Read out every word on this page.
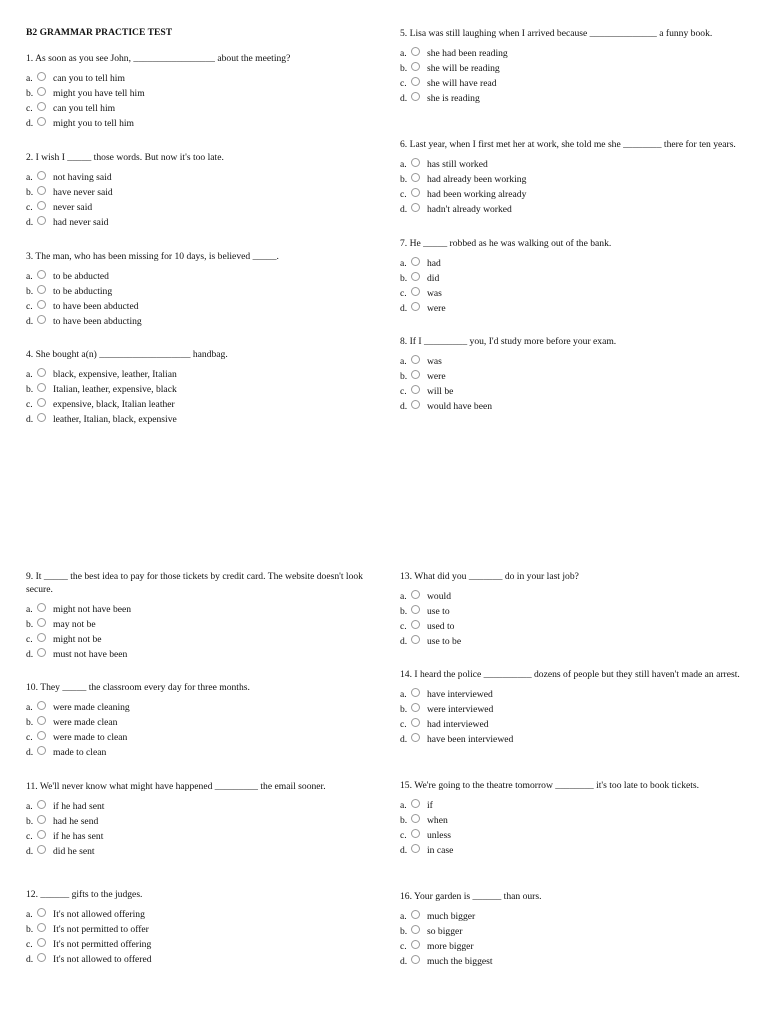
B2 GRAMMAR PRACTICE TEST
1. As soon as you see John, _________________ about the meeting?
a.	can you to tell him
b.	might you have tell him
c.	can you tell him
d.	might you to tell him
2. I wish I _____ those words. But now it's too late.
a.	not having said
b.	have never said
c.	never said
d.	had never said
3. The man, who has been missing for 10 days, is believed _____.
a.	to be abducted
b.	to be abducting
c.	to have been abducted
d.	to have been abducting
4. She bought a(n) ___________________ handbag.
a.	black, expensive, leather, Italian
b.	Italian, leather, expensive, black
c.	expensive, black, Italian leather
d.	leather, Italian, black, expensive
5. Lisa was still laughing when I arrived because ______________ a funny book.
a.	she had been reading
b.	she will be reading
c.	she will have read
d.	she is reading
6. Last year, when I first met her at work, she told me she ________ there for ten years.
a.	has still worked
b.	had already been working
c.	had been working already
d.	hadn't already worked
7. He _____ robbed as he was walking out of the bank.
a.	had
b.	did
c.	was
d.	were
8. If I _________ you, I'd study more before your exam.
a.	was
b.	were
c.	will be
d.	would have been
9. It _____ the best idea to pay for those tickets by credit card. The website doesn't look secure.
a.	might not have been
b.	may not be
c.	might not be
d.	must not have been
10. They _____ the classroom every day for three months.
a.	were made cleaning
b.	were made clean
c.	were made to clean
d.	made to clean
11. We'll never know what might have happened _________ the email sooner.
a.	if he had sent
b.	had he send
c.	if he has sent
d.	did he sent
12. ______ gifts to the judges.
a.	It's not allowed offering
b.	It's not permitted to offer
c.	It's not permitted offering
d.	It's not allowed to offered
13. What did you _______ do in your last job?
a.	would
b.	use to
c.	used to
d.	use to be
14. I heard the police __________ dozens of people but they still haven't made an arrest.
a.	have interviewed
b.	were interviewed
c.	had interviewed
d.	have been interviewed
15. We're going to the theatre tomorrow ________ it's too late to book tickets.
a.	if
b.	when
c.	unless
d.	in case
16. Your garden is ______ than ours.
a.	much bigger
b.	so bigger
c.	more bigger
d.	much the biggest
